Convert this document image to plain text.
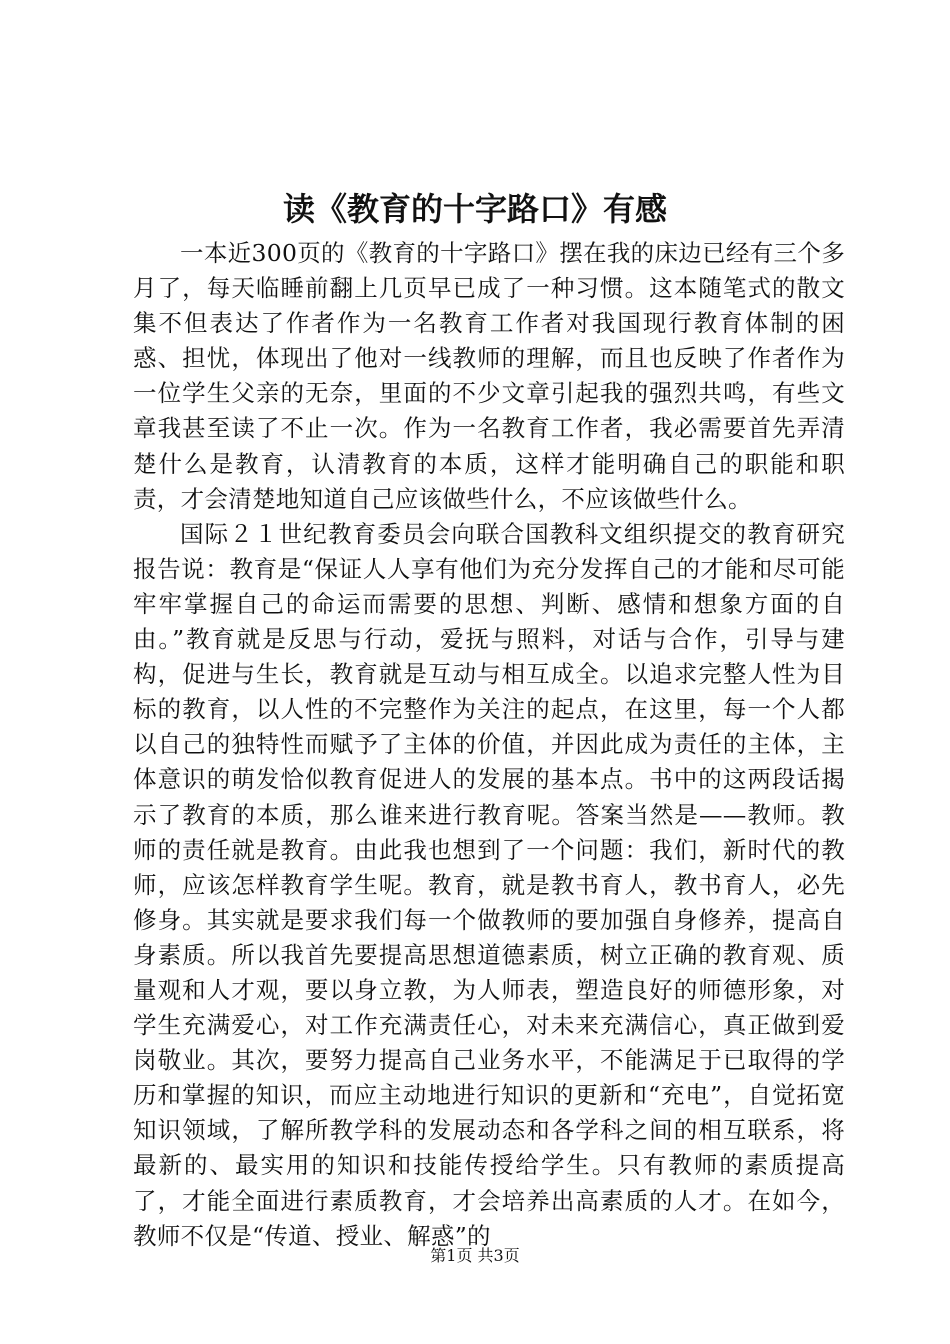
读《教育的十字路口》有感

一本近300页的《教育的十字路口》摆在我的床边已经有三个多月了，每天临睡前翻上几页早已成了一种习惯。这本随笔式的散文集不但表达了作者作为一名教育工作者对我国现行教育体制的困惑、担忧，体现出了他对一线教师的理解，而且也反映了作者作为一位学生父亲的无奈，里面的不少文章引起我的强烈共鸣，有些文章我甚至读了不止一次。作为一名教育工作者，我必需要首先弄清楚什么是教育，认清教育的本质，这样才能明确自己的职能和职责，才会清楚地知道自己应该做些什么，不应该做些什么。

国际２１世纪教育委员会向联合国教科文组织提交的教育研究报告说：教育是“保证人人享有他们为充分发挥自己的才能和尽可能牢牢掌握自己的命运而需要的思想、判断、感情和想象方面的自由。”教育就是反思与行动，爱抚与照料，对话与合作，引导与建构，促进与生长，教育就是互动与相互成全。以追求完整人性为目标的教育，以人性的不完整作为关注的起点，在这里，每一个人都以自己的独特性而赋予了主体的价值，并因此成为责任的主体，主体意识的萌发恰似教育促进人的发展的基本点。书中的这两段话揭示了教育的本质，那么谁来进行教育呢。答案当然是——教师。教师的责任就是教育。由此我也想到了一个问题：我们，新时代的教师，应该怎样教育学生呢。教育，就是教书育人，教书育人，必先修身。其实就是要求我们每一个做教师的要加强自身修养，提高自身素质。所以我首先要提高思想道德素质，树立正确的教育观、质量观和人才观，要以身立教，为人师表，塑造良好的师德形象，对学生充满爱心，对工作充满责任心，对未来充满信心，真正做到爱岗敬业。其次，要努力提高自己业务水平，不能满足于已取得的学历和掌握的知识，而应主动地进行知识的更新和“充电”，自觉拓宽知识领域，了解所教学科的发展动态和各学科之间的相互联系，将最新的、最实用的知识和技能传授给学生。只有教师的素质提高了，才能全面进行素质教育，才会培养出高素质的人才。在如今，教师不仅是“传道、授业、解惑”的

第1页 共3页
